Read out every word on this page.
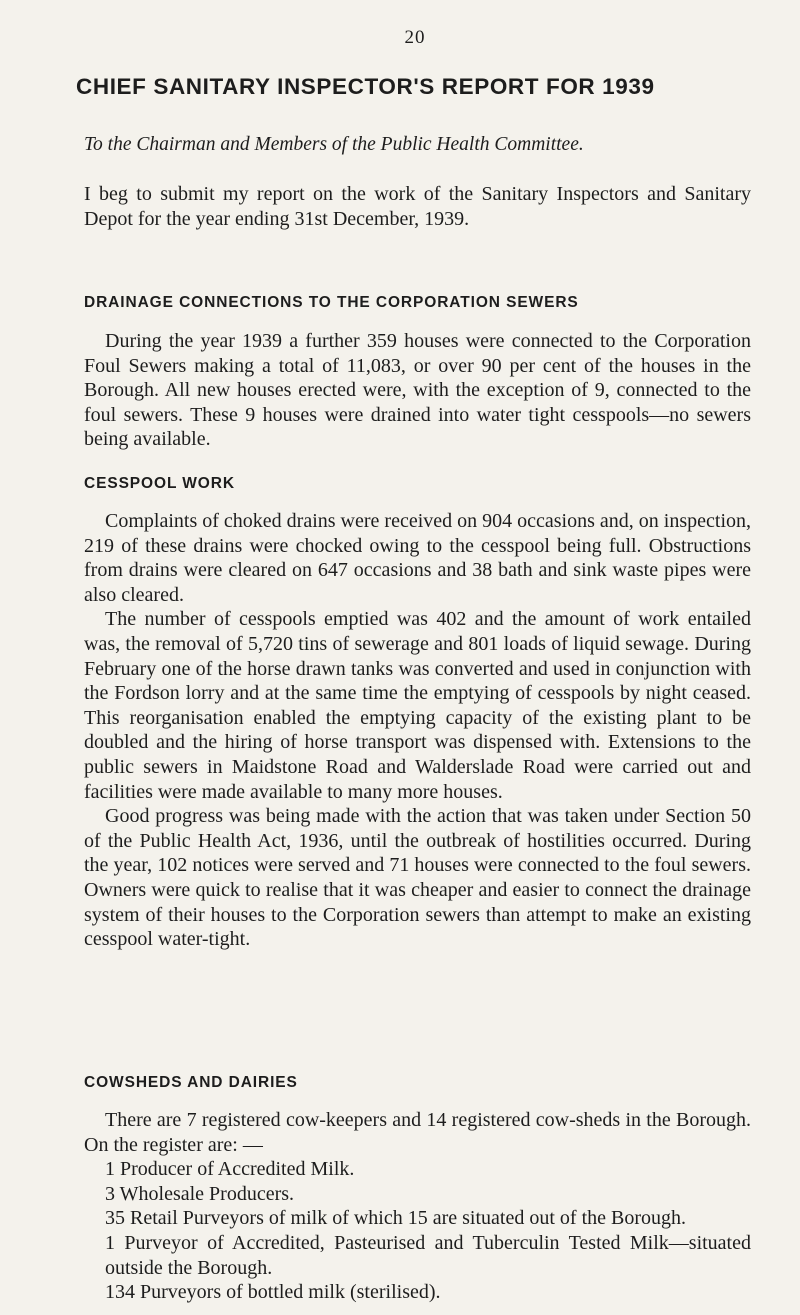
20
CHIEF SANITARY INSPECTOR'S REPORT FOR 1939

To the Chairman and Members of the Public Health Committee.

I beg to submit my report on the work of the Sanitary Inspectors and Sanitary Depot for the year ending 31st December, 1939.

DRAINAGE CONNECTIONS TO THE CORPORATION SEWERS

During the year 1939 a further 359 houses were connected to the Corporation Foul Sewers making a total of 11,083, or over 90 per cent of the houses in the Borough. All new houses erected were, with the exception of 9, connected to the foul sewers. These 9 houses were drained into water tight cesspools—no sewers being available.

CESSPOOL WORK

Complaints of choked drains were received on 904 occasions and, on inspection, 219 of these drains were chocked owing to the cesspool being full. Obstructions from drains were cleared on 647 occasions and 38 bath and sink waste pipes were also cleared.

The number of cesspools emptied was 402 and the amount of work entailed was, the removal of 5,720 tins of sewerage and 801 loads of liquid sewage. During February one of the horse drawn tanks was converted and used in conjunction with the Fordson lorry and at the same time the emptying of cesspools by night ceased. This reorganisation enabled the emptying capacity of the existing plant to be doubled and the hiring of horse transport was dispensed with. Extensions to the public sewers in Maidstone Road and Walderslade Road were carried out and facilities were made available to many more houses.

Good progress was being made with the action that was taken under Section 50 of the Public Health Act, 1936, until the outbreak of hostilities occurred. During the year, 102 notices were served and 71 houses were connected to the foul sewers. Owners were quick to realise that it was cheaper and easier to connect the drainage system of their houses to the Corporation sewers than attempt to make an existing cesspool water-tight.

COWSHEDS AND DAIRIES

There are 7 registered cow-keepers and 14 registered cow-sheds in the Borough. On the register are: —

1 Producer of Accredited Milk.
3 Wholesale Producers.
35 Retail Purveyors of milk of which 15 are situated out of the Borough.
1 Purveyor of Accredited, Pasteurised and Tuberculin Tested Milk—situated outside the Borough.
134 Purveyors of bottled milk (sterilised).
